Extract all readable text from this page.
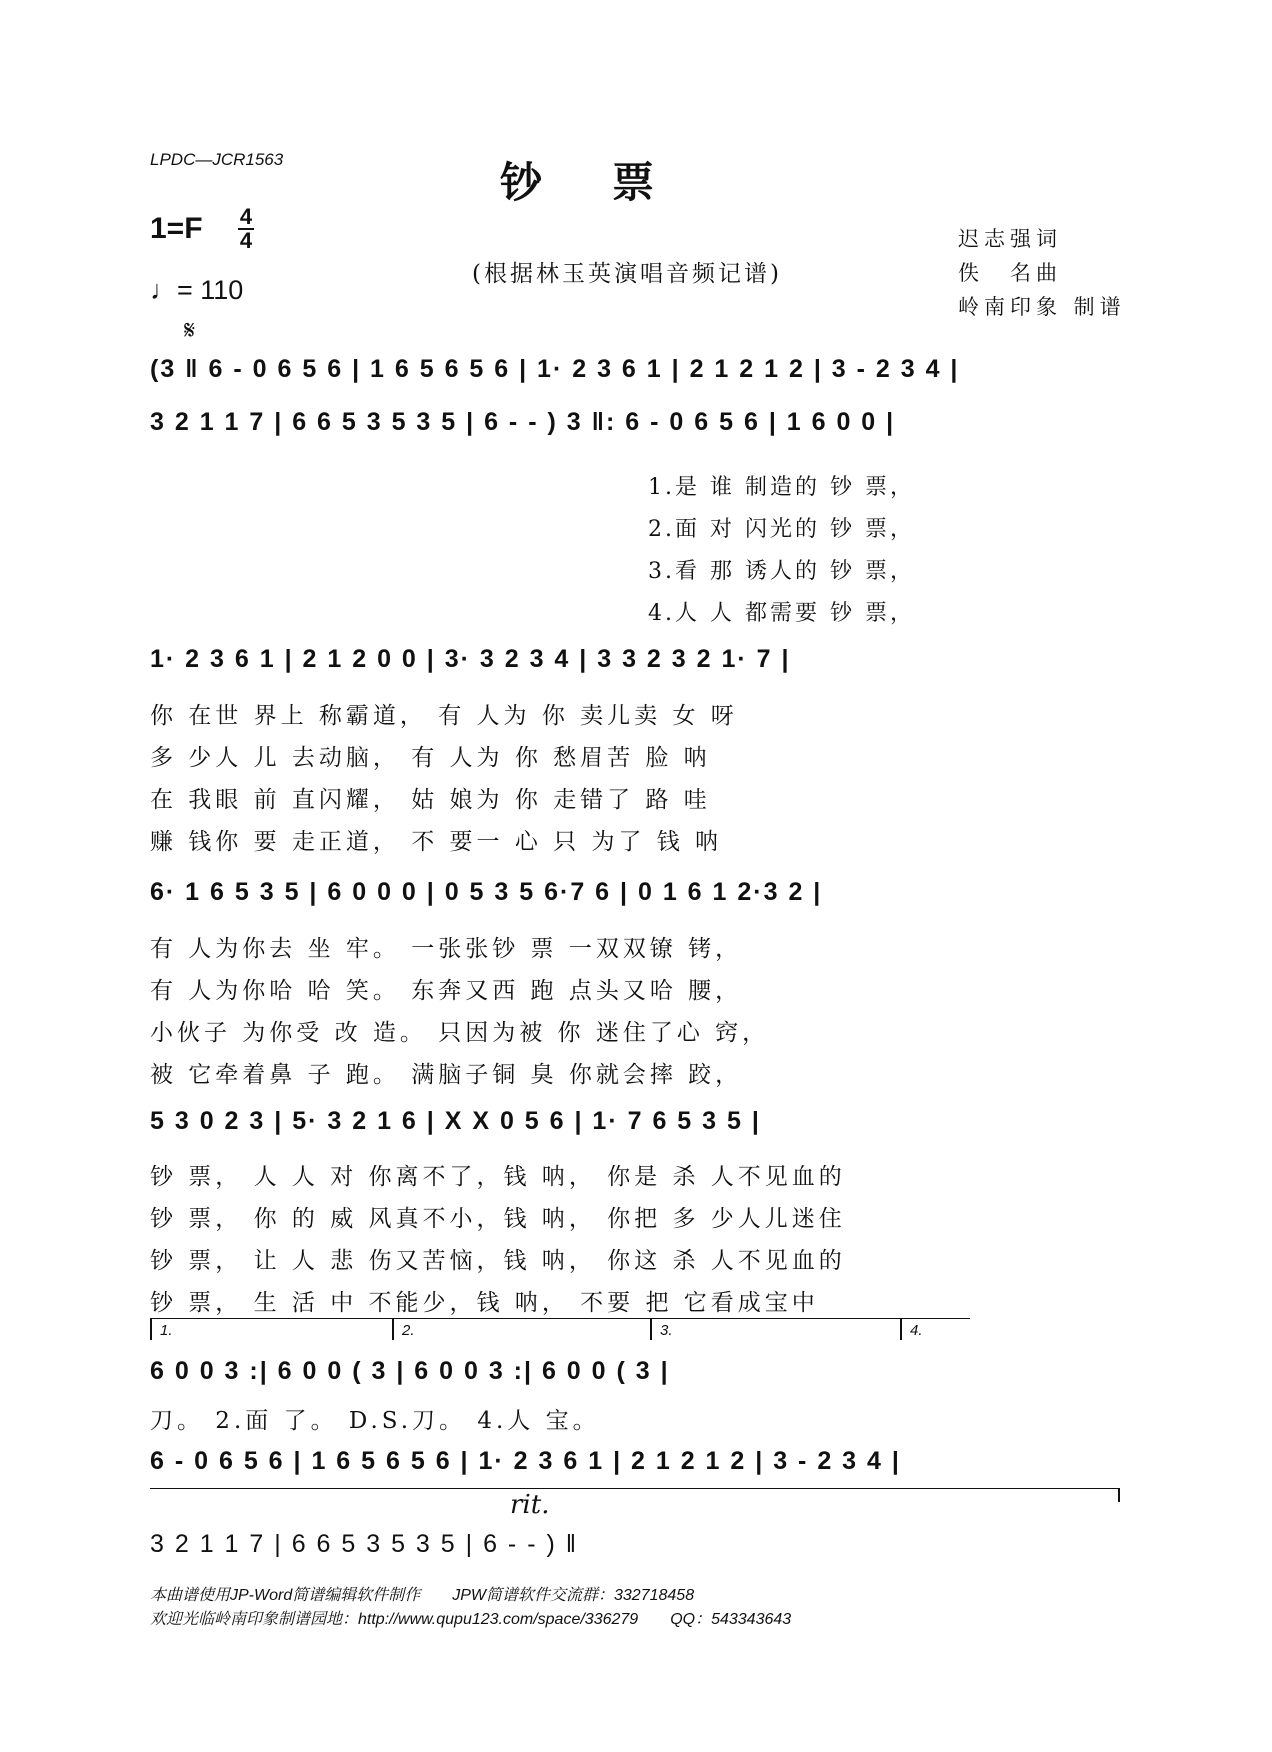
LPDC—JCR1563	钞票
1=F 4
4
♩= 110
(根据林玉英演唱音频记谱)
迟志强词
佚　名曲
岭南印象 制谱
𝄋
(3 ‖ 6 - 0 6 5 6 | 1 6 5 6 5 6 | 1· 2 3 6 1 | 2 1 2 1 2 | 3 - 2 3 4 |
3 2 1 1 7 | 6 6 5 3 5 3 5 | 6 - - ) 3 ‖: 6 - 0 6 5 6 | 1 6 0 0 |
1.是 谁 制造的 钞 票，
2.面 对 闪光的 钞 票，
3.看 那 诱人的 钞 票，
4.人 人 都需要 钞 票，
1· 2 3 6 1 | 2 1 2 0 0 | 3· 3 2 3 4 | 3 3 2 3 2 1· 7 |
你 在世 界上 称霸道， 有 人为 你 卖儿卖 女 呀
多 少人 儿 去动脑， 有 人为 你 愁眉苦 脸 呐
在 我眼 前 直闪耀， 姑 娘为 你 走错了 路 哇
赚 钱你 要 走正道， 不 要一 心 只 为了 钱 呐
6· 1 6 5 3 5 | 6 0 0 0 | 0 5 3 5 6·7 6 | 0 1 6 1 2·3 2 |
有 人为你去 坐 牢。 一张张钞 票 一双双镣 铐，
有 人为你哈 哈 笑。 东奔又西 跑 点头又哈 腰，
小伙子 为你受 改 造。 只因为被 你 迷住了心 窍，
被 它牵着鼻 子 跑。 满脑子铜 臭 你就会摔 跤，
5 3 0 2 3 | 5· 3 2 1 6 | X X 0 5 6 | 1· 7 6 5 3 5 |
钞 票， 人 人 对 你离不了，钱 呐， 你是 杀 人不见血的
钞 票， 你 的 威 风真不小，钱 呐， 你把 多 少人儿迷住
钞 票， 让 人 悲 伤又苦恼，钱 呐， 你这 杀 人不见血的
钞 票， 生 活 中 不能少，钱 呐， 不要 把 它看成宝中
1.	2.	3.	4.
6 0 0 3 :| 6 0 0 ( 3 | 6 0 0 3 :| 6 0 0 ( 3 |
刀。 2.面 了。 D.S.刀。 4.人 宝。
6 - 0 6 5 6 | 1 6 5 6 5 6 | 1· 2 3 6 1 | 2 1 2 1 2 | 3 - 2 3 4 |
rit.
3 2 1 1 7 | 6 6 5 3 5 3 5 | 6 - - ) ‖
本曲谱使用JP-Word简谱编辑软件制作　　JPW简谱软件交流群：332718458
欢迎光临岭南印象制谱园地：http://www.qupu123.com/space/336279　　QQ：543343643
